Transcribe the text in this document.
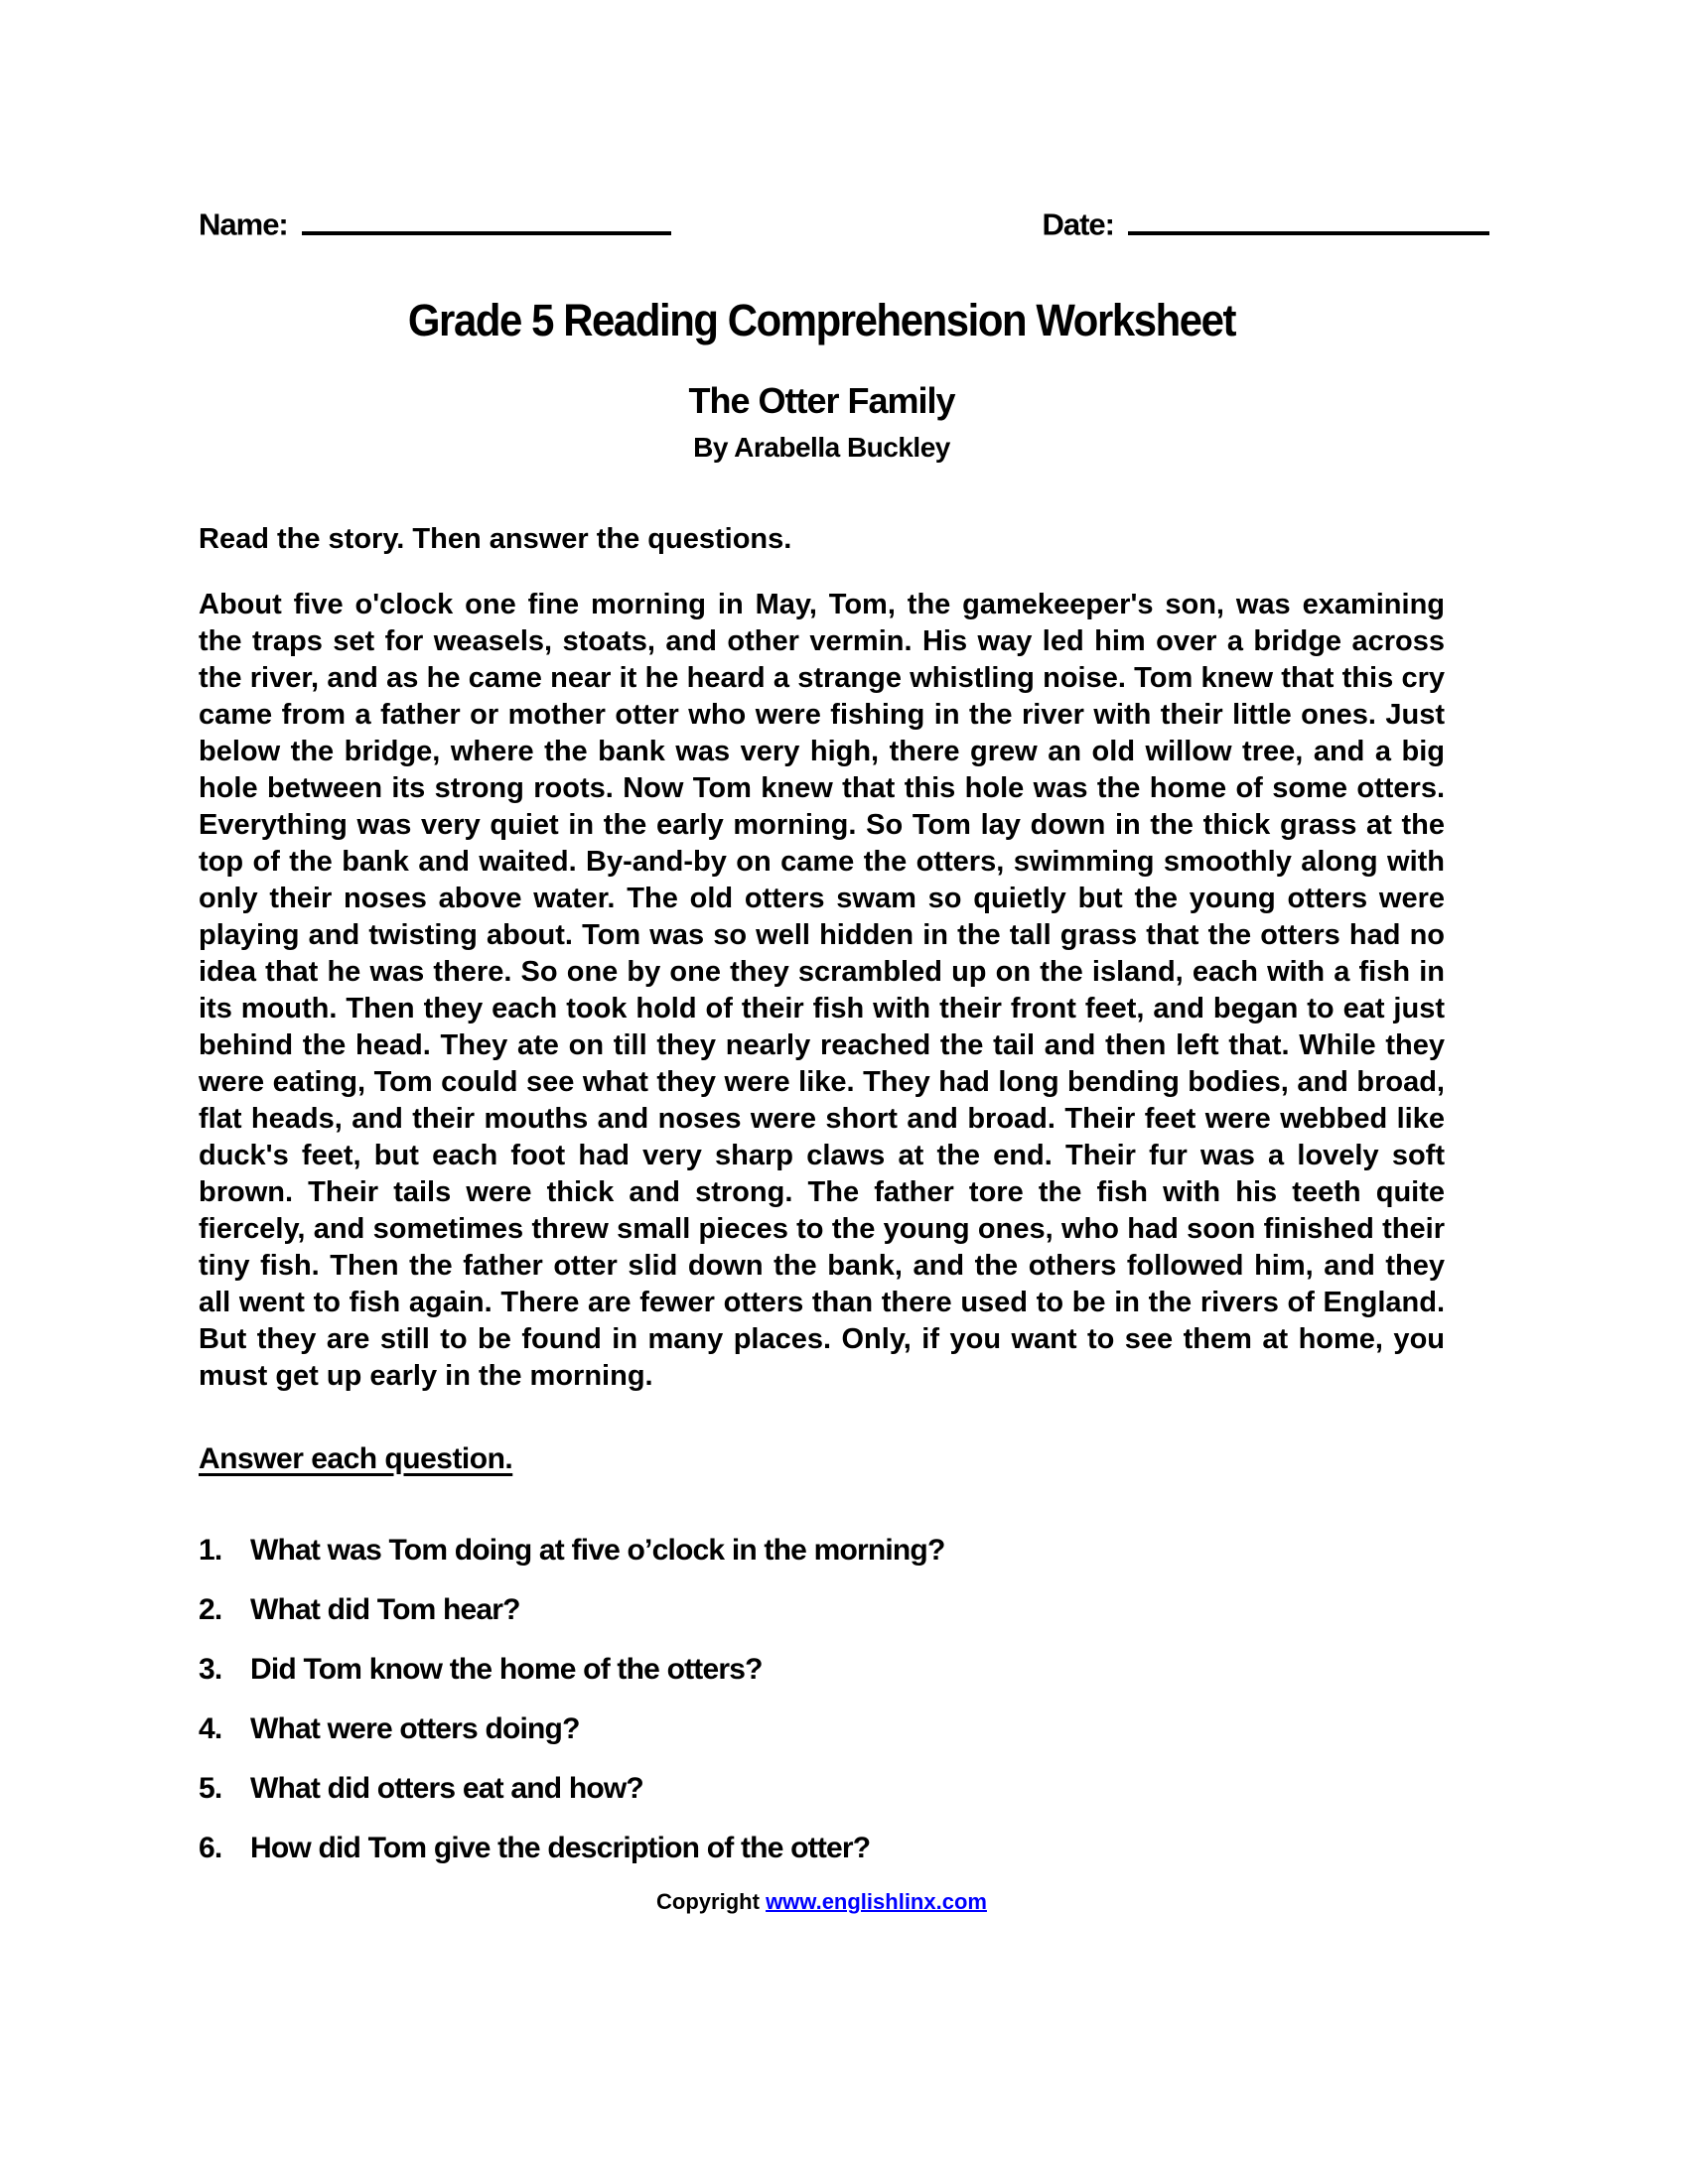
Name:	Date:
Grade 5 Reading Comprehension Worksheet
The Otter Family
By Arabella Buckley

Read the story. Then answer the questions.

About five o'clock one fine morning in May, Tom, the gamekeeper's son, was examining the traps set for weasels, stoats, and other vermin. His way led him over a bridge across the river, and as he came near it he heard a strange whistling noise. Tom knew that this cry came from a father or mother otter who were fishing in the river with their little ones. Just below the bridge, where the bank was very high, there grew an old willow tree, and a big hole between its strong roots. Now Tom knew that this hole was the home of some otters. Everything was very quiet in the early morning. So Tom lay down in the thick grass at the top of the bank and waited. By-and-by on came the otters, swimming smoothly along with only their noses above water. The old otters swam so quietly but the young otters were playing and twisting about. Tom was so well hidden in the tall grass that the otters had no idea that he was there. So one by one they scrambled up on the island, each with a fish in its mouth. Then they each took hold of their fish with their front feet, and began to eat just behind the head. They ate on till they nearly reached the tail and then left that. While they were eating, Tom could see what they were like. They had long bending bodies, and broad, flat heads, and their mouths and noses were short and broad. Their feet were webbed like duck's feet, but each foot had very sharp claws at the end. Their fur was a lovely soft brown. Their tails were thick and strong. The father tore the fish with his teeth quite fiercely, and sometimes threw small pieces to the young ones, who had soon finished their tiny fish. Then the father otter slid down the bank, and the others followed him, and they all went to fish again. There are fewer otters than there used to be in the rivers of England. But they are still to be found in many places. Only, if you want to see them at home, you must get up early in the morning.

Answer each question.
1. What was Tom doing at five o’clock in the morning?
2. What did Tom hear?
3. Did Tom know the home of the otters?
4. What were otters doing?
5. What did otters eat and how?
6. How did Tom give the description of the otter?
Copyright www.englishlinx.com
